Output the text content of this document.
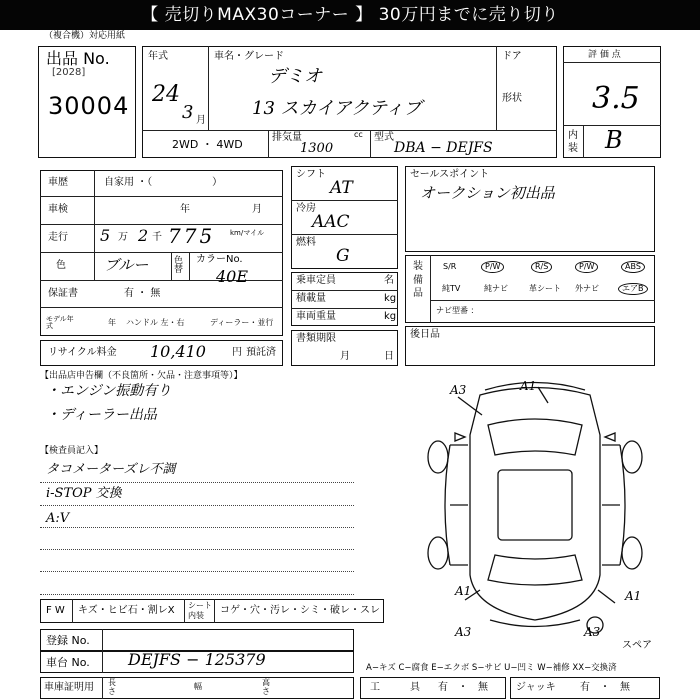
【 売切りMAX30コーナー 】 30万円までに売り切り
（複合機）対応用紙
出品 No.
[2028]
30004
年式
24
3 月
車名・グレード
デミオ
13 スカイアクティブ
ドア
形状
2WD ・ 4WD
排気量
1300
cc 型式
DBA − DEJFS
評 価 点
3.5
内
装 B
車歴	自家用 ・（　　　　　　）
車検	年	月
走行 5 万 2 千 775 km/マイル
色	ブルー	色替
カラーNo.
40E
保証書	有 ・ 無
モデル年式	年 ハンドル 左・右	ディーラー・並行
リサイクル料金 10,410	円 預託済
シフト
AT
冷房
AAC
燃料
G
乗車定員	名
積載量	kg
車両重量	kg
書類期限
月	日
セールスポイント
オークション初出品
装備品
S/R	P/W	R/S	P/W	ABS
純TV	純ナビ	革シート 外ナビ	エアB
ナビ型番 ：
後日品
【出品店申告欄（不良箇所・欠品・注意事項等）】
・エンジン振動有り
・ディーラー出品
【検査員記入】
タコメーターズレ不調
i-STOP 交換
A:V
A3	A1
A1	A1
A3	A3
スペア
F W キズ・ヒビ石・割レX シート
内装	コゲ・穴・汚レ・シミ・破レ・スレ
登録 No.
車台 No. DEJFS − 125379
車庫証明用 長さ
幅	高さ
A−キズ C−腐食 E−エクボ S−サビ U−凹ミ W−補修 XX−交換済
工　　　具 有　・　無	ジャッキ 有　・　無
